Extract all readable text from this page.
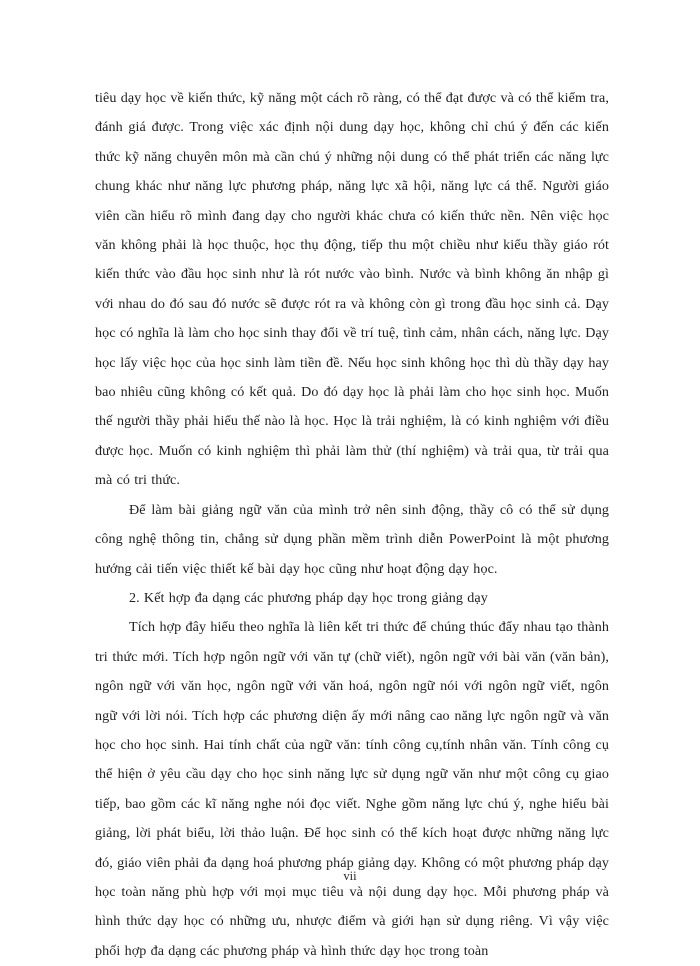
tiêu dạy học về kiến thức, kỹ năng một cách rõ ràng, có thể đạt được và có thể kiểm tra, đánh giá được. Trong việc xác định nội dung dạy học, không chỉ chú ý đến các kiến thức kỹ năng chuyên môn mà cần chú ý những nội dung có thể phát triển các năng lực chung khác như năng lực phương pháp, năng lực xã hội, năng lực cá thể. Người giáo viên cần hiểu rõ mình đang dạy cho người khác chưa có kiến thức nền. Nên việc học văn không phải là học thuộc, học thụ động, tiếp thu một chiều như kiểu thầy giáo rót kiến thức vào đầu học sinh như là rót nước vào bình. Nước và bình không ăn nhập gì với nhau do đó sau đó nước sẽ được rót ra và không còn gì trong đầu học sinh cả. Dạy học có nghĩa là làm cho học sinh thay đổi về trí tuệ, tình cảm, nhân cách, năng lực. Dạy học lấy việc học của học sinh làm tiền đề. Nếu học sinh không học thì dù thầy dạy hay bao nhiêu cũng không có kết quả. Do đó dạy học là phải làm cho học sinh học. Muốn thế người thầy phải hiểu thế nào là học. Học là trải nghiệm, là có kinh nghiệm với điều được học. Muốn có kinh nghiệm thì phải làm thử (thí nghiệm) và trải qua, từ trải qua mà có tri thức.

Để làm bài giảng ngữ văn của mình trở nên sinh động, thầy cô có thể sử dụng công nghệ thông tin, chẳng sử dụng phần mềm trình diễn PowerPoint là một phương hướng cải tiến việc thiết kế bài dạy học cũng như hoạt động dạy học.

2. Kết hợp đa dạng các phương pháp dạy học trong giảng dạy

Tích hợp đây hiểu theo nghĩa là liên kết tri thức để chúng thúc đẩy nhau tạo thành tri thức mới. Tích hợp ngôn ngữ với văn tự (chữ viết), ngôn ngữ với bài văn (văn bản), ngôn ngữ với văn học, ngôn ngữ với văn hoá, ngôn ngữ nói với ngôn ngữ viết, ngôn ngữ với lời nói. Tích hợp các phương diện ấy mới nâng cao năng lực ngôn ngữ và văn học cho học sinh. Hai tính chất của ngữ văn: tính công cụ,tính nhân văn. Tính công cụ thể hiện ở yêu cầu dạy cho học sinh năng lực sử dụng ngữ văn như một công cụ giao tiếp, bao gồm các kĩ năng nghe nói đọc viết. Nghe gồm năng lực chú ý, nghe hiểu bài giảng, lời phát biểu, lời thảo luận. Để học sinh có thể kích hoạt được những năng lực đó, giáo viên phải đa dạng hoá phương pháp giảng dạy. Không có một phương pháp dạy học toàn năng phù hợp với mọi mục tiêu và nội dung dạy học. Mỗi phương pháp và hình thức dạy học có những ưu, nhược điểm và giới hạn sử dụng riêng. Vì vậy việc phối hợp đa dạng các phương pháp và hình thức dạy học trong toàn

vii
